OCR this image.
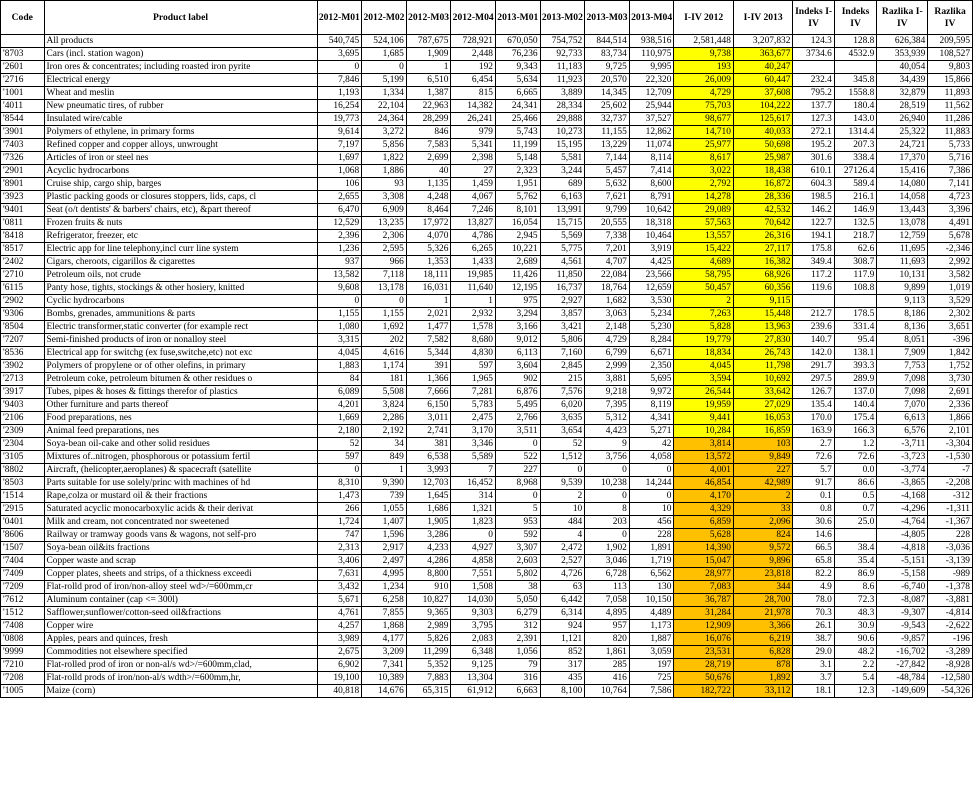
Code	Product label	2012-M01	2012-M02	2012-M03	2012-M04	2013-M01	2013-M02	2013-M03	2013-M04	I-IV 2012	I-IV 2013	Indeks I-IV	Indeks IV	Razlika I-IV	Razlika IV
	All products	540,745	524,106	787,675	728,921	670,050	754,752	844,514	938,516	2,581,448	3,207,832	124.3	128.8	626,384	209,595
'8703	Cars (incl. station wagon)	3,695	1,685	1,909	2,448	76,236	92,733	83,734	110,975	9,738	363,677	3734.6	4532.9	353,939	108,527
'2601	Iron ores & concentrates; including roasted iron pyrite	0	0	1	192	9,343	11,183	9,725	9,995	193	40,247			40,054	9,803
'2716	Electrical energy	7,846	5,199	6,510	6,454	5,634	11,923	20,570	22,320	26,009	60,447	232.4	345.8	34,439	15,866
'1001	Wheat and meslin	1,193	1,334	1,387	815	6,665	3,889	14,345	12,709	4,729	37,608	795.2	1558.8	32,879	11,893
'4011	New pneumatic tires, of rubber	16,254	22,104	22,963	14,382	24,341	28,334	25,602	25,944	75,703	104,222	137.7	180.4	28,519	11,562
'8544	Insulated wire/cable	19,773	24,364	28,299	26,241	25,466	29,888	32,737	37,527	98,677	125,617	127.3	143.0	26,940	11,286
'3901	Polymers of ethylene, in primary forms	9,614	3,272	846	979	5,743	10,273	11,155	12,862	14,710	40,033	272.1	1314.4	25,322	11,883
'7403	Refined copper and copper alloys, unwrought	7,197	5,856	7,583	5,341	11,199	15,195	13,229	11,074	25,977	50,698	195.2	207.3	24,721	5,733
'7326	Articles of iron or steel nes	1,697	1,822	2,699	2,398	5,148	5,581	7,144	8,114	8,617	25,987	301.6	338.4	17,370	5,716
'2901	Acyclic hydrocarbons	1,068	1,886	40	27	2,323	3,244	5,457	7,414	3,022	18,438	610.1	27126.4	15,416	7,386
'8901	Cruise ship, cargo ship, barges	106	93	1,135	1,459	1,951	689	5,632	8,600	2,792	16,872	604.3	589.4	14,080	7,141
'3923	Plastic packing goods or closures stoppers, lids, caps, cl	2,655	3,308	4,248	4,067	5,762	6,163	7,621	8,791	14,278	28,336	198.5	216.1	14,058	4,723
'9401	Seat (o/t dentists' & barbers' chairs, etc), &part thereof	6,470	6,909	8,464	7,246	8,101	13,991	9,799	10,642	29,089	42,532	146.2	146.9	13,443	3,396
'0811	Frozen fruits & nuts	12,529	13,235	17,972	13,827	16,054	15,715	20,555	18,318	57,563	70,642	122.7	132.5	13,078	4,491
'8418	Refrigerator, freezer, etc	2,396	2,306	4,070	4,786	2,945	5,569	7,338	10,464	13,557	26,316	194.1	218.7	12,759	5,678
'8517	Electric app for line telephony,incl curr line system	1,236	2,595	5,326	6,265	10,221	5,775	7,201	3,919	15,422	27,117	175.8	62.6	11,695	-2,346
'2402	Cigars, cheroots, cigarillos & cigarettes	937	966	1,353	1,433	2,689	4,561	4,707	4,425	4,689	16,382	349.4	308.7	11,693	2,992
'2710	Petroleum oils, not crude	13,582	7,118	18,111	19,985	11,426	11,850	22,084	23,566	58,795	68,926	117.2	117.9	10,131	3,582
'6115	Panty hose, tights, stockings & other hosiery, knitted	9,608	13,178	16,031	11,640	12,195	16,737	18,764	12,659	50,457	60,356	119.6	108.8	9,899	1,019
'2902	Cyclic hydrocarbons	0	0	1	1	975	2,927	1,682	3,530	2	9,115			9,113	3,529
'9306	Bombs, grenades, ammunitions & parts	1,155	1,155	2,021	2,932	3,294	3,857	3,063	5,234	7,263	15,448	212.7	178.5	8,186	2,302
'8504	Electric transformer,static converter (for example rect	1,080	1,692	1,477	1,578	3,166	3,421	2,148	5,230	5,828	13,963	239.6	331.4	8,136	3,651
'7207	Semi-finished products of iron or nonalloy steel	3,315	202	7,582	8,680	9,012	5,806	4,729	8,284	19,779	27,830	140.7	95.4	8,051	-396
'8536	Electrical app for switchg (ex fuse,switche,etc) not exc	4,045	4,616	5,344	4,830	6,113	7,160	6,799	6,671	18,834	26,743	142.0	138.1	7,909	1,842
'3902	Polymers of propylene or of other olefins, in primary	1,883	1,174	391	597	3,604	2,845	2,999	2,350	4,045	11,798	291.7	393.3	7,753	1,752
'2713	Petroleum coke, petroleum bitumen & other residues o	84	181	1,366	1,965	902	215	3,881	5,695	3,594	10,692	297.5	289.9	7,098	3,730
'3917	Tubes, pipes & hoses & fittings therefor of plastics	6,089	5,508	7,666	7,281	6,876	7,576	9,218	9,972	26,544	33,642	126.7	137.0	7,098	2,691
'9403	Other furniture and parts thereof	4,201	3,824	6,150	5,783	5,495	6,020	7,395	8,119	19,959	27,029	135.4	140.4	7,070	2,336
'2106	Food preparations, nes	1,669	2,286	3,011	2,475	2,766	3,635	5,312	4,341	9,441	16,053	170.0	175.4	6,613	1,866
'2309	Animal feed preparations, nes	2,180	2,192	2,741	3,170	3,511	3,654	4,423	5,271	10,284	16,859	163.9	166.3	6,576	2,101
'2304	Soya-bean oil-cake and other solid residues	52	34	381	3,346	0	52	9	42	3,814	103	2.7	1.2	-3,711	-3,304
'3105	Mixtures of..nitrogen, phosphorous or potassium fertil	597	849	6,538	5,589	522	1,512	3,756	4,058	13,572	9,849	72.6	72.6	-3,723	-1,530
'8802	Aircraft, (helicopter,aeroplanes) & spacecraft (satellite	0	1	3,993	7	227	0	0	0	4,001	227	5.7	0.0	-3,774	-7
'8503	Parts suitable for use solely/princ with machines of hd	8,310	9,390	12,703	16,452	8,968	9,539	10,238	14,244	46,854	42,989	91.7	86.6	-3,865	-2,208
'1514	Rape,colza or mustard oil & their fractions	1,473	739	1,645	314	0	2	0	0	4,170	2	0.1	0.5	-4,168	-312
'2915	Saturated acyclic monocarboxylic acids & their derivat	266	1,055	1,686	1,321	5	10	8	10	4,329	33	0.8	0.7	-4,296	-1,311
'0401	Milk and cream, not concentrated nor sweetened	1,724	1,407	1,905	1,823	953	484	203	456	6,859	2,096	30.6	25.0	-4,764	-1,367
'8606	Railway or tramway goods vans & wagons, not self-pro	747	1,596	3,286	0	592	4	0	228	5,628	824	14.6		-4,805	228
'1507	Soya-bean oil&its fractions	2,313	2,917	4,233	4,927	3,307	2,472	1,902	1,891	14,390	9,572	66.5	38.4	-4,818	-3,036
'7404	Copper waste and scrap	3,406	2,497	4,286	4,858	2,603	2,527	3,046	1,719	15,047	9,896	65.8	35.4	-5,151	-3,139
'7409	Copper plates, sheets and strips, of a thickness exceedi	7,631	4,995	8,800	7,551	5,802	4,726	6,728	6,562	28,977	23,818	82.2	86.9	-5,158	-989
'7209	Flat-rolld prod of iron/non-alloy steel wd>/=600mm,cr	3,432	1,234	910	1,508	38	63	113	130	7,083	344	4.9	8.6	-6,740	-1,378
'7612	Aluminum container (cap <= 300l)	5,671	6,258	10,827	14,030	5,050	6,442	7,058	10,150	36,787	28,700	78.0	72.3	-8,087	-3,881
'1512	Safflower,sunflower/cotton-seed oil&fractions	4,761	7,855	9,365	9,303	6,279	6,314	4,895	4,489	31,284	21,978	70.3	48.3	-9,307	-4,814
'7408	Copper wire	4,257	1,868	2,989	3,795	312	924	957	1,173	12,909	3,366	26.1	30.9	-9,543	-2,622
'0808	Apples, pears and quinces, fresh	3,989	4,177	5,826	2,083	2,391	1,121	820	1,887	16,076	6,219	38.7	90.6	-9,857	-196
'9999	Commodities not elsewhere specified	2,675	3,209	11,299	6,348	1,056	852	1,861	3,059	23,531	6,828	29.0	48.2	-16,702	-3,289
'7210	Flat-rolled prod of iron or non-al/s wd>/=600mm,clad,	6,902	7,341	5,352	9,125	79	317	285	197	28,719	878	3.1	2.2	-27,842	-8,928
'7208	Flat-rolld prods of iron/non-al/s wdth>/=600mm,hr,	19,100	10,389	7,883	13,304	316	435	416	725	50,676	1,892	3.7	5.4	-48,784	-12,580
'1005	Maize (corn)	40,818	14,676	65,315	61,912	6,663	8,100	10,764	7,586	182,722	33,112	18.1	12.3	-149,609	-54,326
